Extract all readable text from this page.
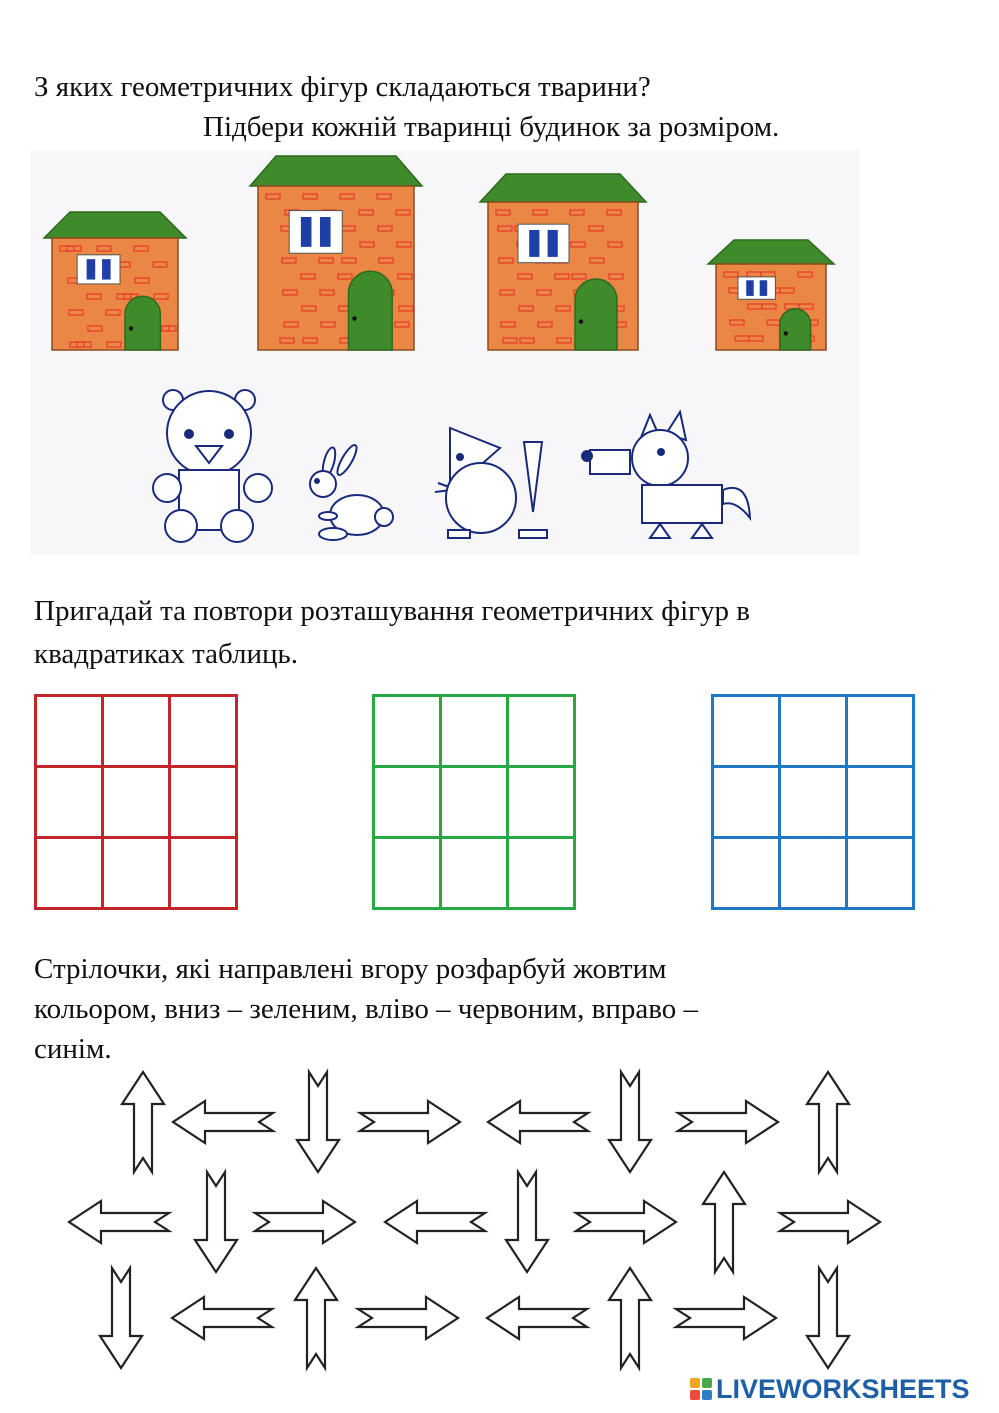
З яких геометричних фігур складаються тварини?
Підбери кожній тваринці будинок за розміром.
Пригадай та повтори розташування геометричних фігур в
квадратиках таблиць.
Стрілочки, які направлені вгору розфарбуй жовтим
кольором, вниз – зеленим, вліво – червоним, вправо –
синім.
LIVEWORKSHEETS
